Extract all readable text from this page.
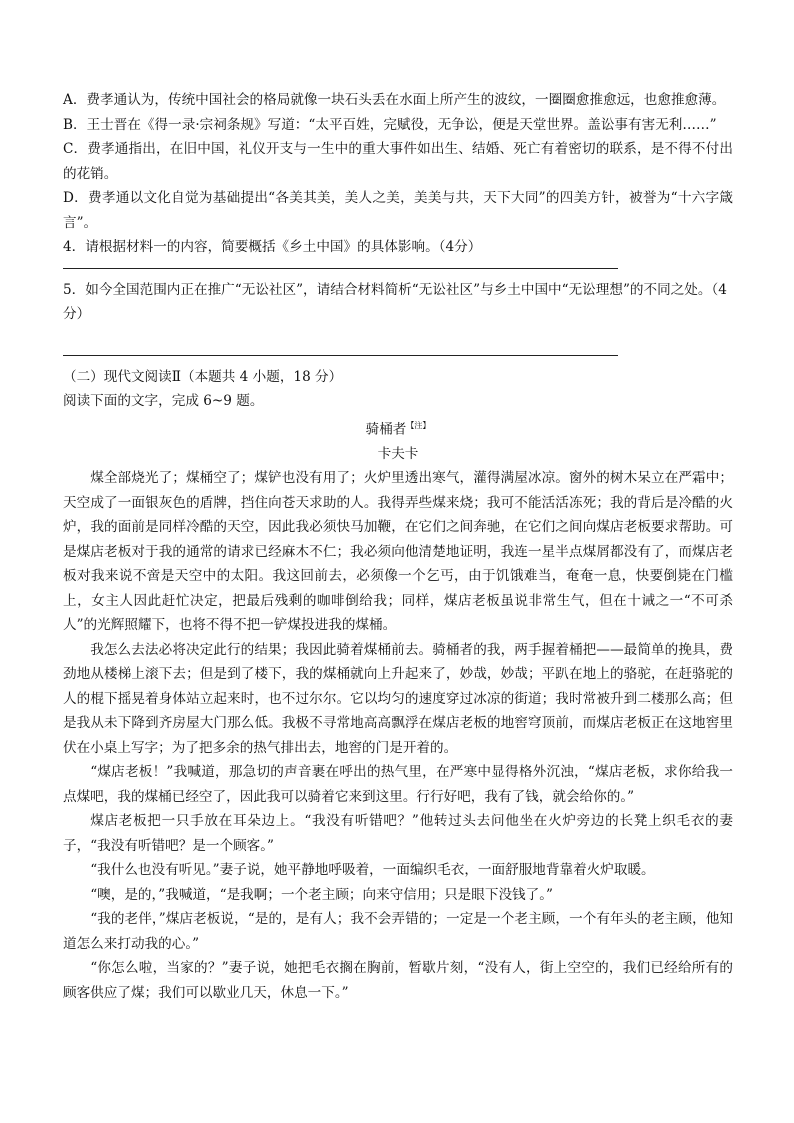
A．费孝通认为，传统中国社会的格局就像一块石头丢在水面上所产生的波纹，一圈圈愈推愈远，也愈推愈薄。

B．王士晋在《得一录·宗祠条规》写道：“太平百姓，完赋役，无争讼，便是天堂世界。盖讼事有害无利……”

C．费孝通指出，在旧中国，礼仪开支与一生中的重大事件如出生、结婚、死亡有着密切的联系，是不得不付出的花销。

D．费孝通以文化自觉为基础提出“各美其美，美人之美，美美与共，天下大同”的四美方针，被誉为“十六字箴言”。

4．请根据材料一的内容，简要概括《乡土中国》的具体影响。（4分）

5．如今全国范围内正在推广“无讼社区”，请结合材料简析“无讼社区”与乡土中国中“无讼理想”的不同之处。（4分）

（二）现代文阅读Ⅱ（本题共 4 小题，18 分）

阅读下面的文字，完成 6~9 题。

骑桶者$^{【注】}$

卡夫卡

煤全部烧光了；煤桶空了；煤铲也没有用了；火炉里透出寒气，灌得满屋冰凉。窗外的树木呆立在严霜中；天空成了一面银灰色的盾牌，挡住向苍天求助的人。我得弄些煤来烧；我可不能活活冻死；我的背后是冷酷的火炉，我的面前是同样冷酷的天空，因此我必须快马加鞭，在它们之间奔驰，在它们之间向煤店老板要求帮助。可是煤店老板对于我的通常的请求已经麻木不仁；我必须向他清楚地证明，我连一星半点煤屑都没有了，而煤店老板对我来说不啻是天空中的太阳。我这回前去，必须像一个乞丐，由于饥饿难当，奄奄一息，快要倒毙在门槛上，女主人因此赶忙决定，把最后残剩的咖啡倒给我；同样，煤店老板虽说非常生气，但在十诫之一“不可杀人”的光辉照耀下，也将不得不把一铲煤投进我的煤桶。

我怎么去法必将决定此行的结果；我因此骑着煤桶前去。骑桶者的我，两手握着桶把——最简单的挽具，费劲地从楼梯上滚下去；但是到了楼下，我的煤桶就向上升起来了，妙哉，妙哉；平趴在地上的骆驼，在赶骆驼的人的棍下摇晃着身体站立起来时，也不过尔尔。它以均匀的速度穿过冰凉的街道；我时常被升到二楼那么高；但是我从未下降到齐房屋大门那么低。我极不寻常地高高飘浮在煤店老板的地窖穹顶前，而煤店老板正在这地窖里伏在小桌上写字；为了把多余的热气排出去，地窖的门是开着的。

“煤店老板！”我喊道，那急切的声音裹在呼出的热气里，在严寒中显得格外沉浊，“煤店老板，求你给我一点煤吧，我的煤桶已经空了，因此我可以骑着它来到这里。行行好吧，我有了钱，就会给你的。”

煤店老板把一只手放在耳朵边上。“我没有听错吧？”他转过头去问他坐在火炉旁边的长凳上织毛衣的妻子，“我没有听错吧？是一个顾客。”

“我什么也没有听见。”妻子说，她平静地呼吸着，一面编织毛衣，一面舒服地背靠着火炉取暖。

“噢，是的，”我喊道，“是我啊；一个老主顾；向来守信用；只是眼下没钱了。”

“我的老伴，”煤店老板说，“是的，是有人；我不会弄错的；一定是一个老主顾，一个有年头的老主顾，他知道怎么来打动我的心。”

“你怎么啦，当家的？”妻子说，她把毛衣搁在胸前，暂歇片刻，“没有人，街上空空的，我们已经给所有的顾客供应了煤；我们可以歇业几天，休息一下。”
